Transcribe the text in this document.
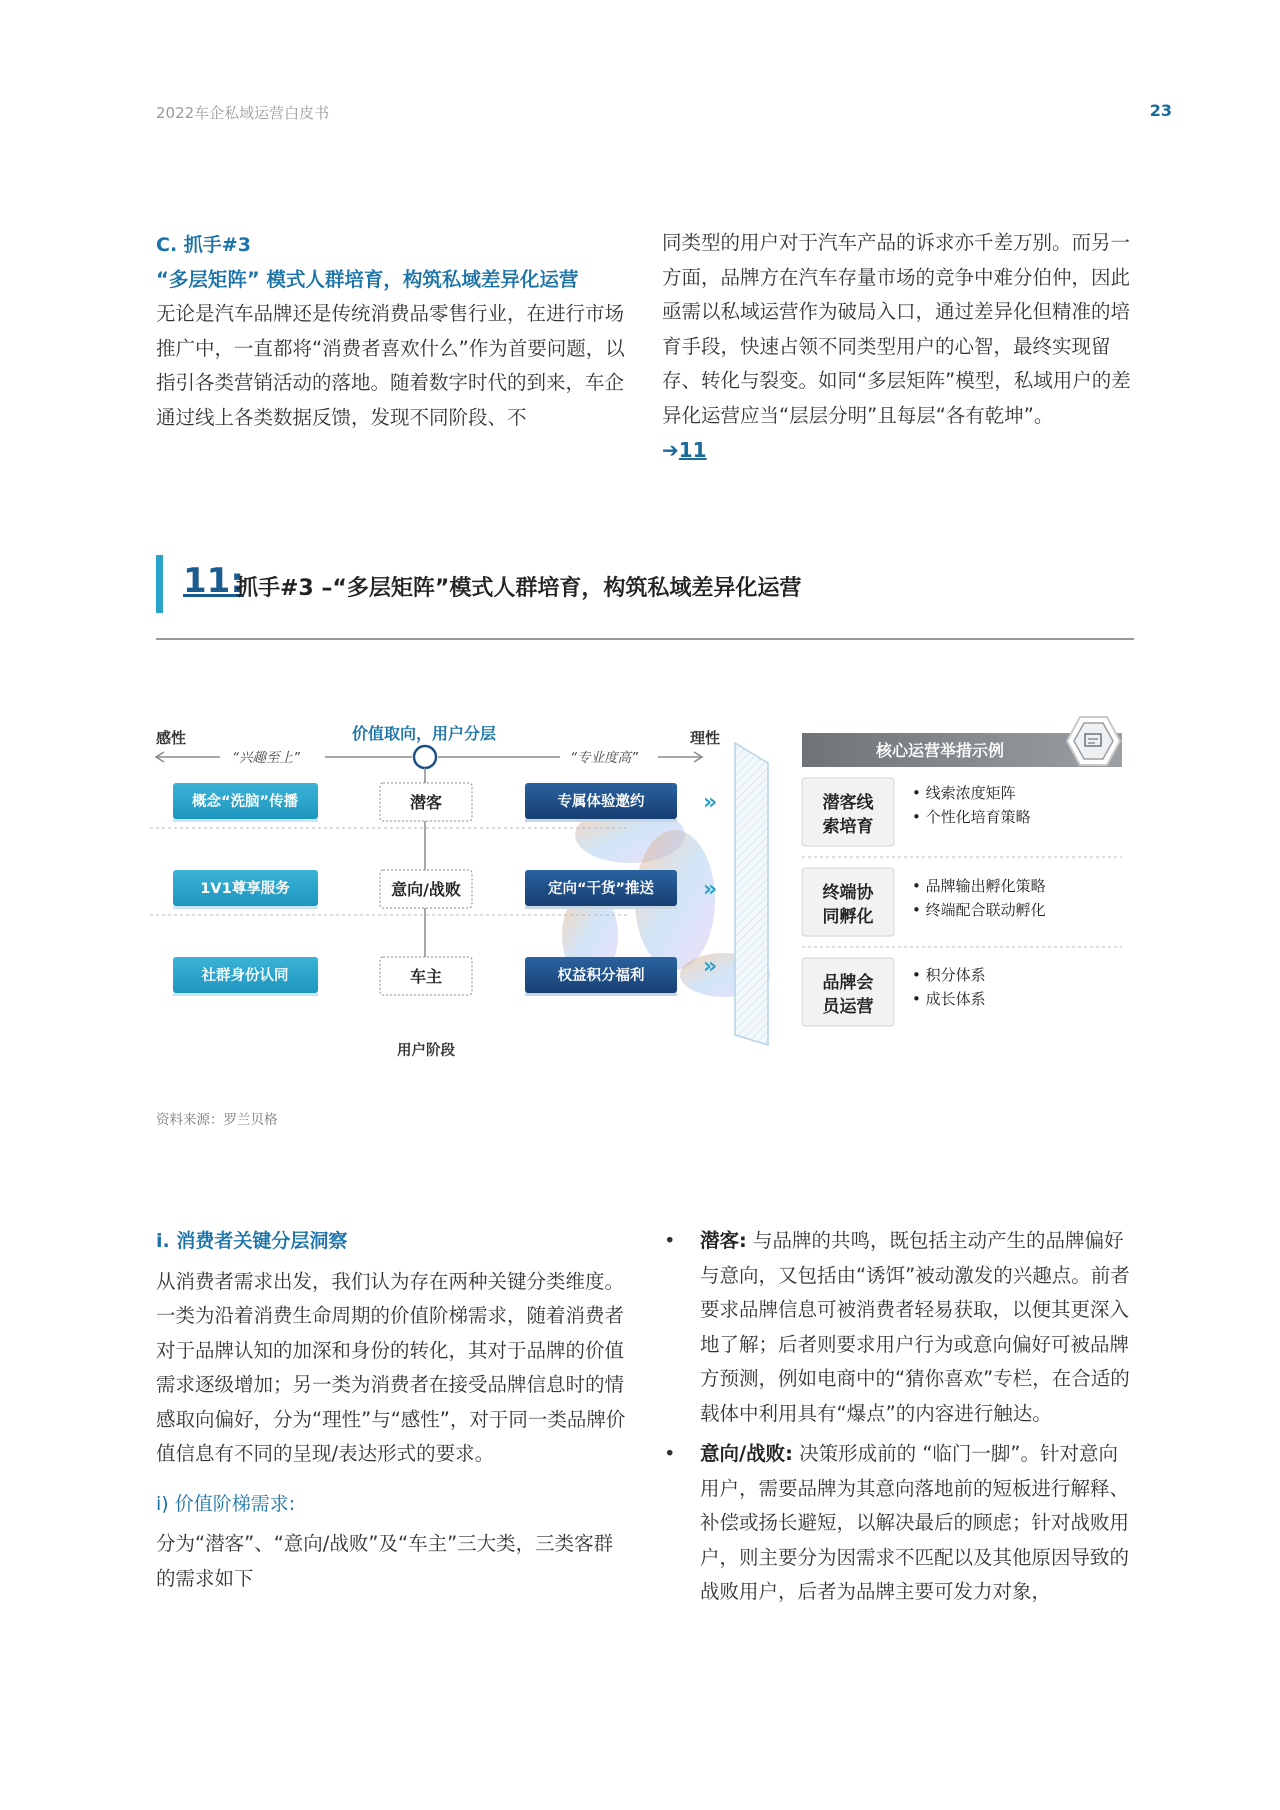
2022车企私域运营白皮书	23
C. 抓手#3
“多层矩阵” 模式人群培育，构筑私域差异化运营

无论是汽车品牌还是传统消费品零售行业，在进行市场推广中，一直都将“消费者喜欢什么”作为首要问题，以指引各类营销活动的落地。随着数字时代的到来，车企通过线上各类数据反馈，发现不同阶段、不

同类型的用户对于汽车产品的诉求亦千差万别。而另一方面，品牌方在汽车存量市场的竞争中难分伯仲，因此亟需以私域运营作为破局入口，通过差异化但精准的培育手段，快速占领不同类型用户的心智，最终实现留存、转化与裂变。如同“多层矩阵”模型，私域用户的差异化运营应当“层层分明”且每层“各有乾坤”。

➔11
11:
抓手#3 –“多层矩阵”模式人群培育，构筑私域差异化运营
感性	理性
价值取向，用户分层
“兴趣至上”	“专业度高”
概念“洗脑”传播
1V1尊享服务
社群身份认同
潜客
意向/战败
车主
用户阶段
专属体验邀约
定向“干货”推送
权益积分福利
»
»
»
核心运营举措示例
潜客线
索培育
• 线索浓度矩阵
• 个性化培育策略
终端协
同孵化
• 品牌输出孵化策略
• 终端配合联动孵化
品牌会
员运营
• 积分体系
• 成长体系
资料来源：罗兰贝格
i. 消费者关键分层洞察

从消费者需求出发，我们认为存在两种关键分类维度。一类为沿着消费生命周期的价值阶梯需求，随着消费者对于品牌认知的加深和身份的转化，其对于品牌的价值需求逐级增加；另一类为消费者在接受品牌信息时的情感取向偏好，分为“理性”与“感性”，对于同一类品牌价值信息有不同的呈现/表达形式的要求。

i) 价值阶梯需求:

分为“潜客”、“意向/战败”及“车主”三大类，三类客群的需求如下

• 潜客: 与品牌的共鸣，既包括主动产生的品牌偏好与意向，又包括由“诱饵”被动激发的兴趣点。前者要求品牌信息可被消费者轻易获取，以便其更深入地了解；后者则要求用户行为或意向偏好可被品牌方预测，例如电商中的“猜你喜欢”专栏，在合适的载体中利用具有“爆点”的内容进行触达。
• 意向/战败: 决策形成前的 “临门一脚”。针对意向用户，需要品牌为其意向落地前的短板进行解释、补偿或扬长避短，以解决最后的顾虑；针对战败用户，则主要分为因需求不匹配以及其他原因导致的战败用户，后者为品牌主要可发力对象，
